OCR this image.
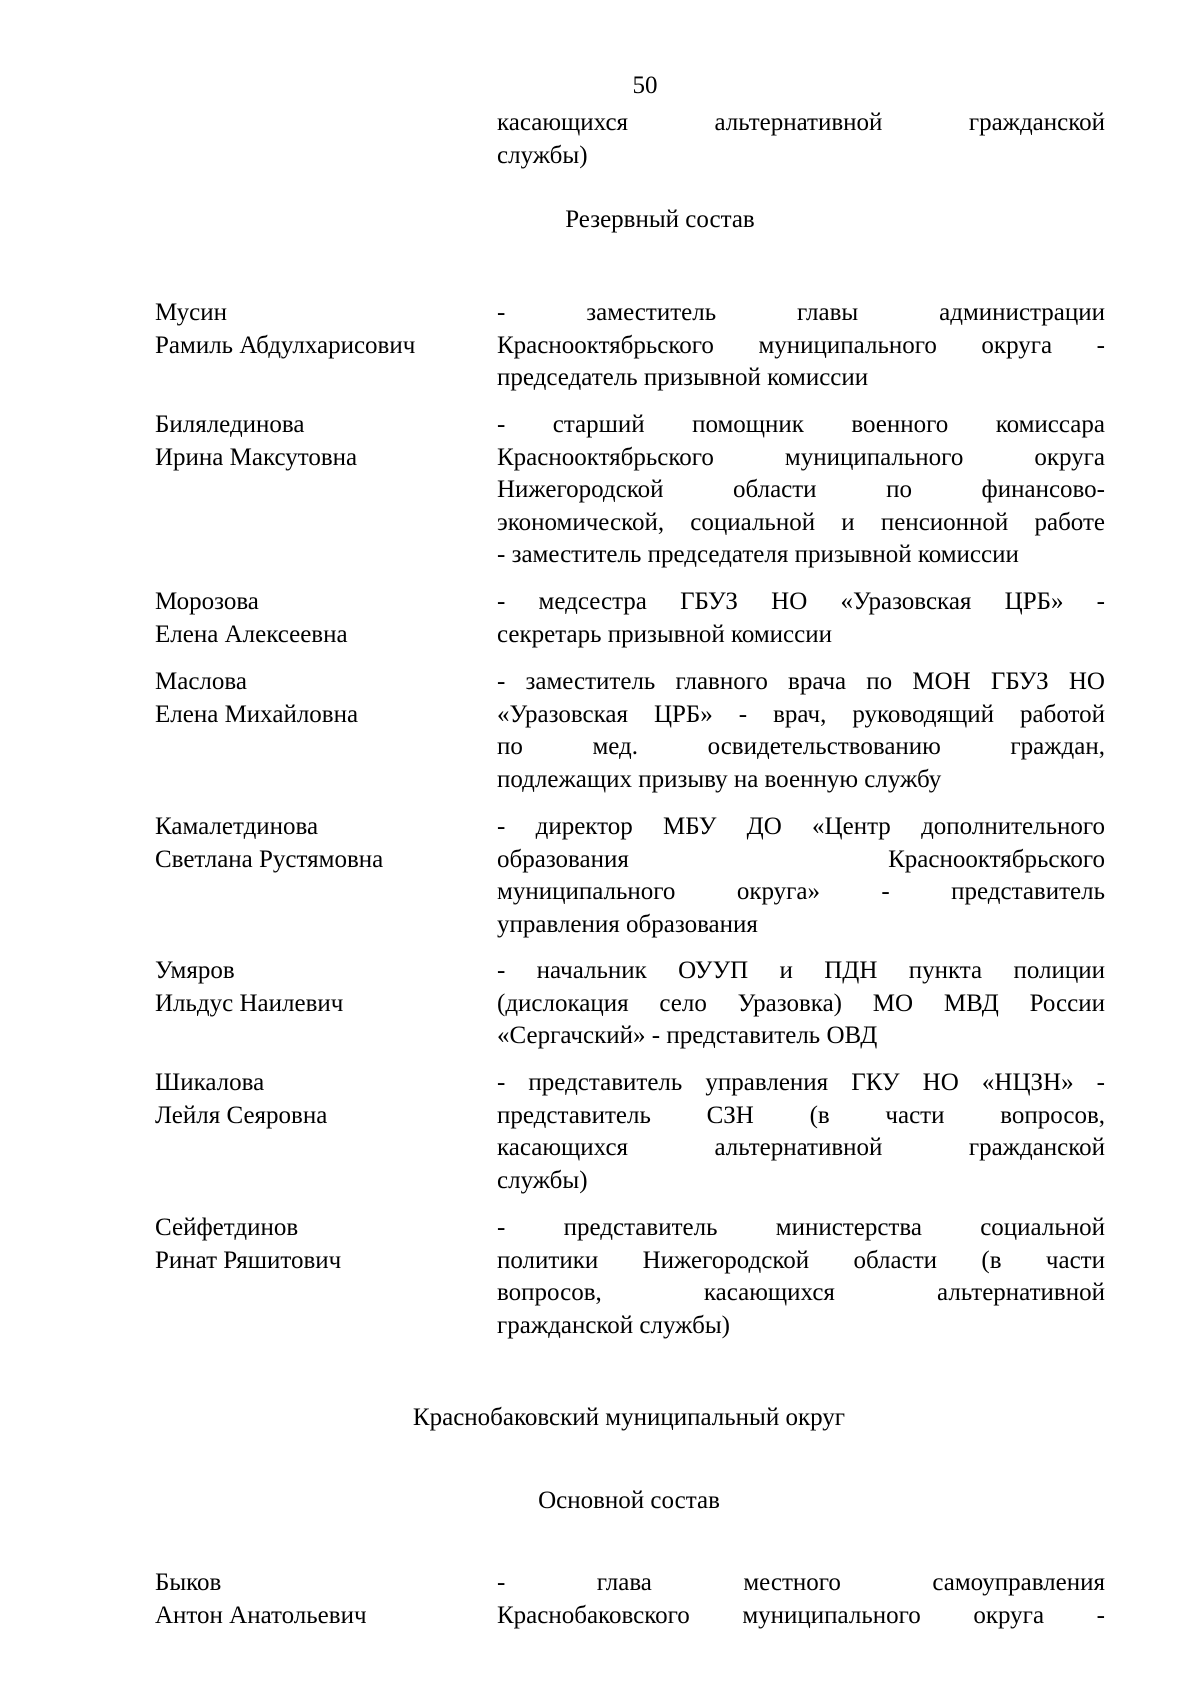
50
касающихся альтернативной гражданской
службы)
Резервный состав
Мусин
Рамиль Абдулхарисович
- заместитель главы администрации
Краснооктябрьского муниципального округа -
председатель призывной комиссии
Билялединова
Ирина Максутовна
- старший помощник военного комиссара
Краснооктябрьского муниципального округа
Нижегородской области по финансово-
экономической, социальной и пенсионной работе
- заместитель председателя призывной комиссии
Морозова
Елена Алексеевна
- медсестра ГБУЗ НО «Уразовская ЦРБ» -
секретарь призывной комиссии
Маслова
Елена Михайловна
- заместитель главного врача по МОН ГБУЗ НО
«Уразовская ЦРБ» - врач, руководящий работой
по мед. освидетельствованию граждан,
подлежащих призыву на военную службу
Камалетдинова
Светлана Рустямовна
- директор МБУ ДО «Центр дополнительного
образования Краснооктябрьского
муниципального округа» - представитель
управления образования
Умяров
Ильдус Наилевич
- начальник ОУУП и ПДН пункта полиции
(дислокация село Уразовка) МО МВД России
«Сергачский» - представитель ОВД
Шикалова
Лейля Сеяровна
- представитель управления ГКУ НО «НЦЗН» -
представитель СЗН (в части вопросов,
касающихся альтернативной гражданской
службы)
Сейфетдинов
Ринат Ряшитович
- представитель министерства социальной
политики Нижегородской области (в части
вопросов, касающихся альтернативной
гражданской службы)
Краснобаковский муниципальный округ
Основной состав
Быков
Антон Анатольевич
- глава местного самоуправления
Краснобаковского муниципального округа -
